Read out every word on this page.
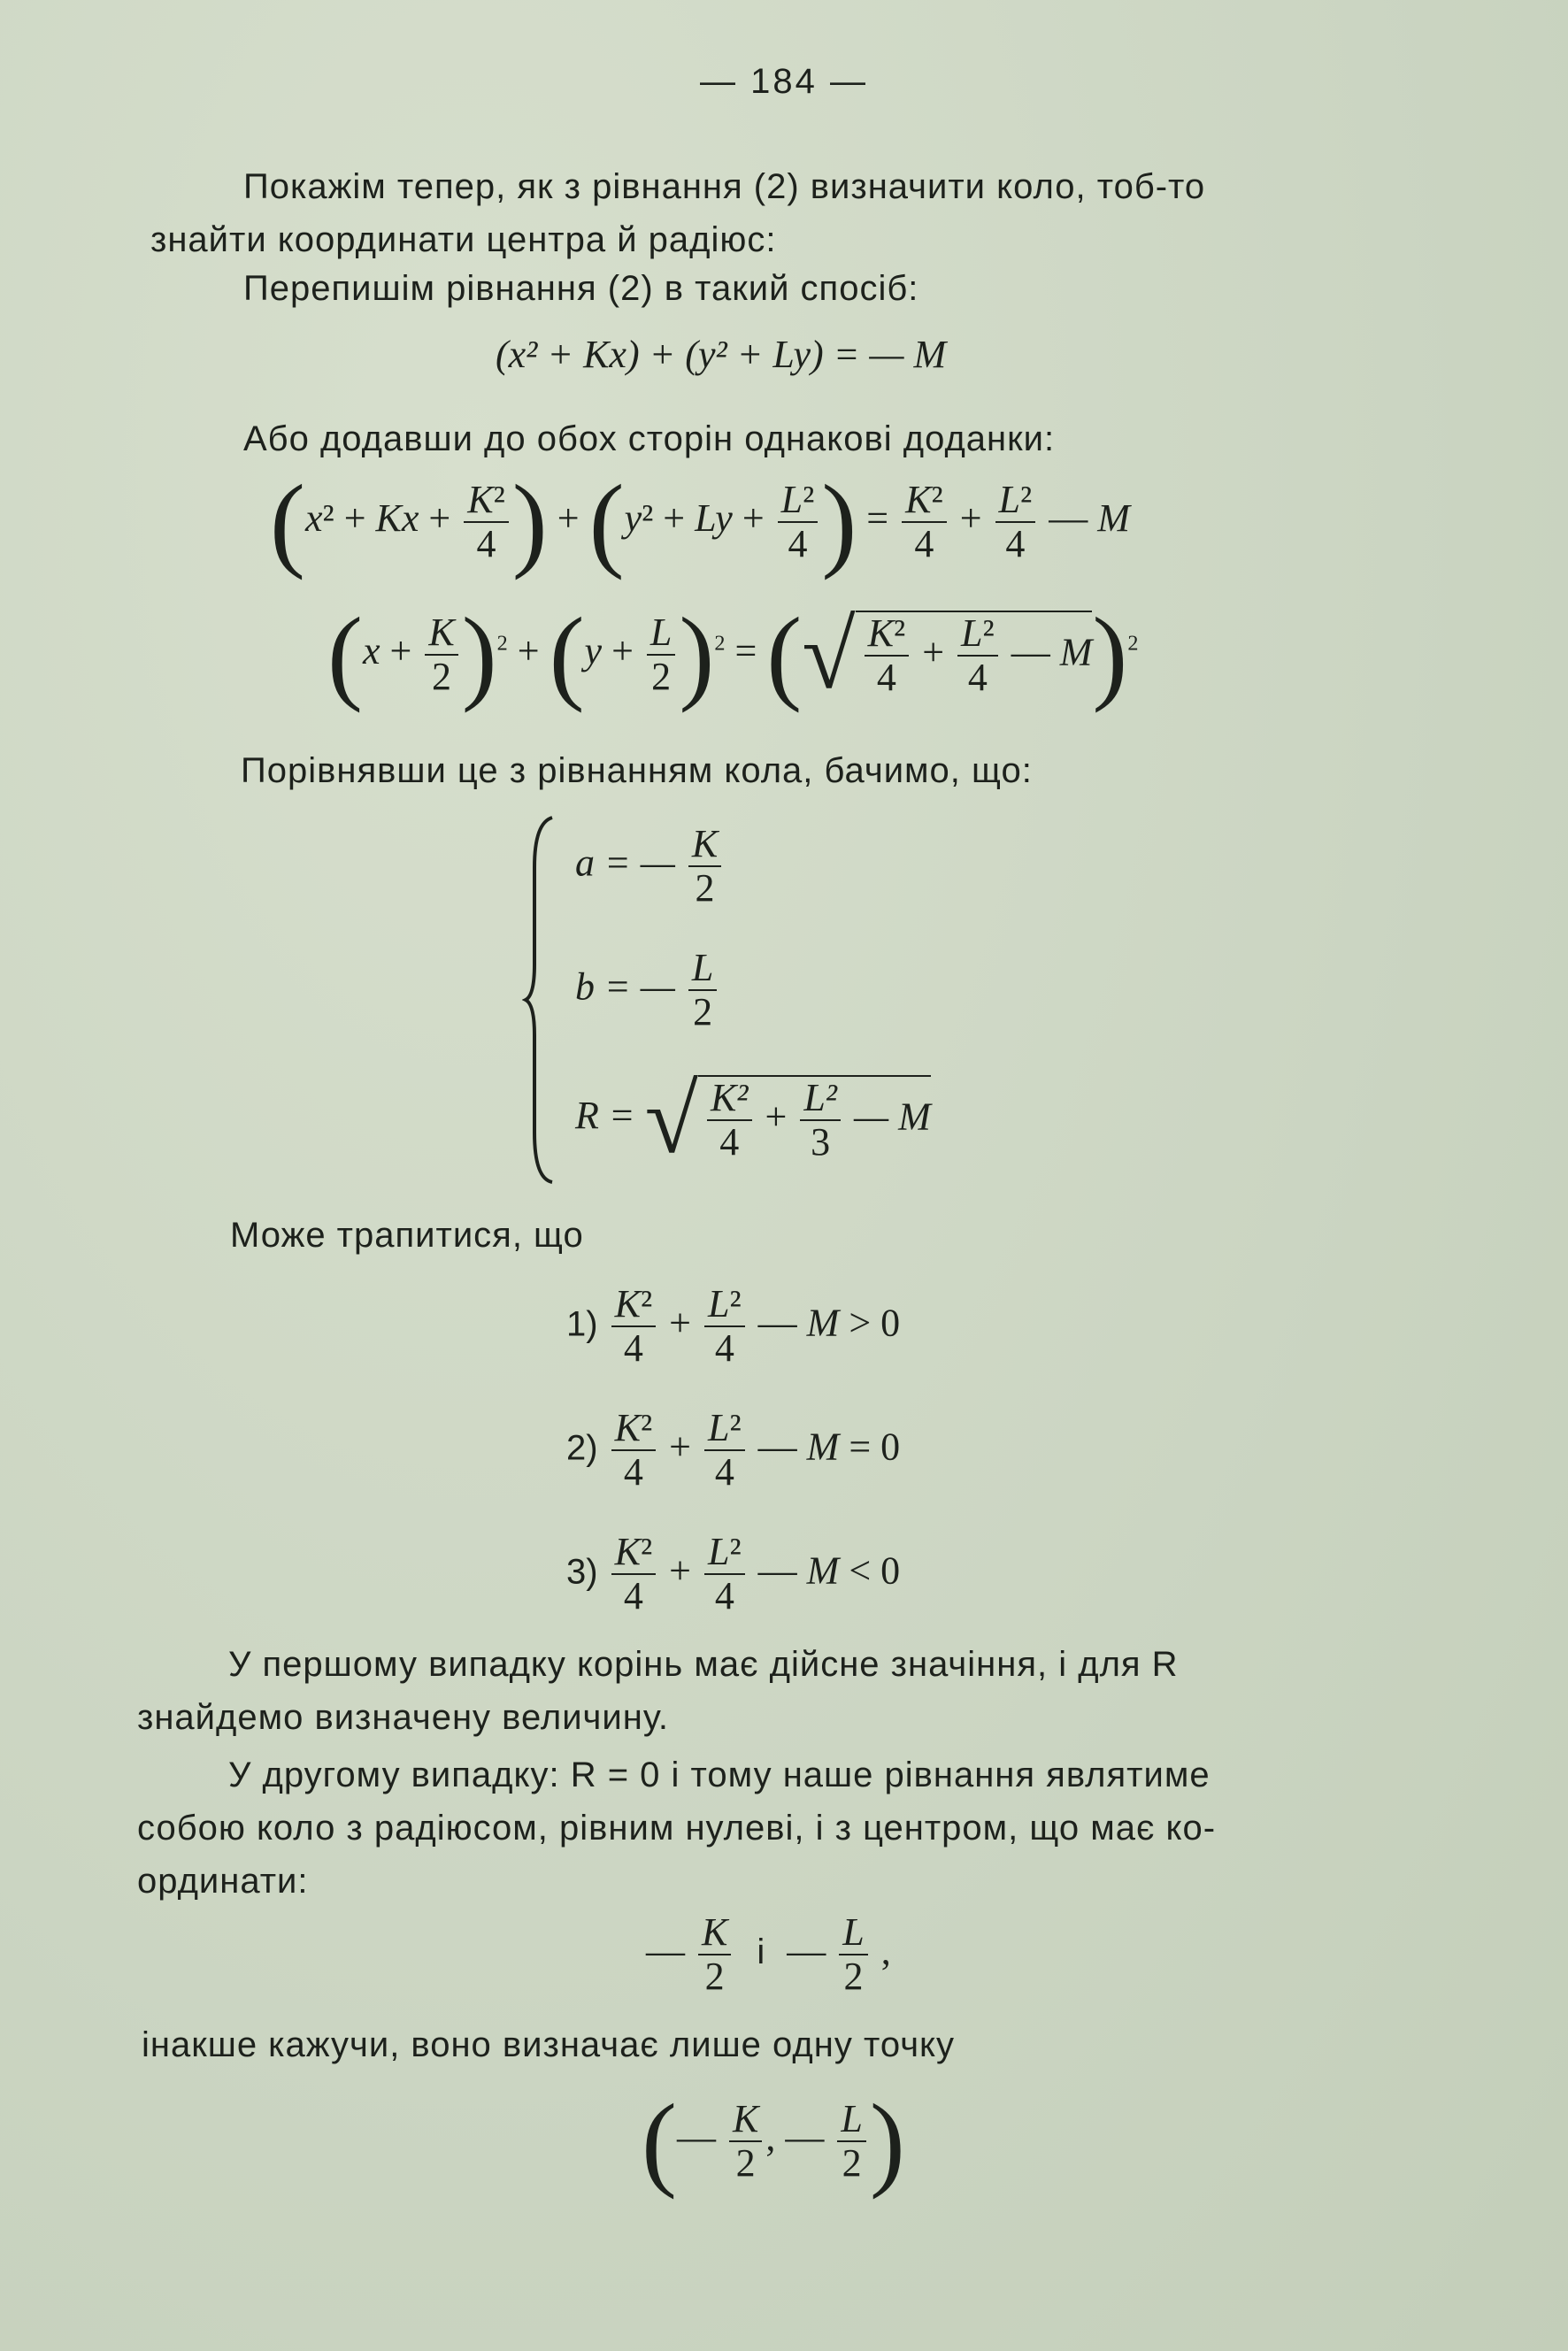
— 184 —
Покажім тепер, як з рівнання (2) визначити коло, тоб-то
знайти координати центра й радіюс:
Перепишім рівнання (2) в такий спосіб:
(x² + Kx) + (y² + Ly) = — M
Або додавши до обох сторін однакові доданки:
($x^2 + Kx + \frac{\text{K²}}{4}$ ) + ($y^2 + Ly + \frac{\text{L²}}{4}$ ) = $\frac{\text{K²}}{4} + \frac{\text{L²}}{4}$ — M
$(x + \frac{K}{2} )^2 + (y + \frac{L}{2} )^2$ = (√ $\frac{\text{K²}}{4} + \frac{\text{L²}}{4}$ — M)$^2$
Порівнявши це з рівнанням кола, бачимо, що:
a = — $\frac{K}{2}$
b = — $\frac{L}{2}$
R = √ $\frac{\text{K²}}{4} + \frac{\text{L²}}{3}$ — M
Може трапитися, що
$1) \frac{\text{K²}}{4} + \frac{\text{L²}}{4}$ — M > 0
$2) \frac{\text{K²}}{4} + \frac{\text{L²}}{4}$ — M = 0
$3) \frac{\text{K²}}{4} + \frac{\text{L²}}{4}$ — M < 0
У першому випадку корінь має дійсне значіння, і для R
знайдемо визначену величину.
У другому випадку: R = 0 і тому наше рівнання являтиме
собою коло з радіюсом, рівним нулеві, і з центром, що має ко-
ординати:
— $\frac{K}{2}$ і — $\frac{L}{2}$ ,
інакше кажучи, воно визначає лише одну точку
(— $\frac{K}{2}$ , — $\frac{L}{2}$ )
